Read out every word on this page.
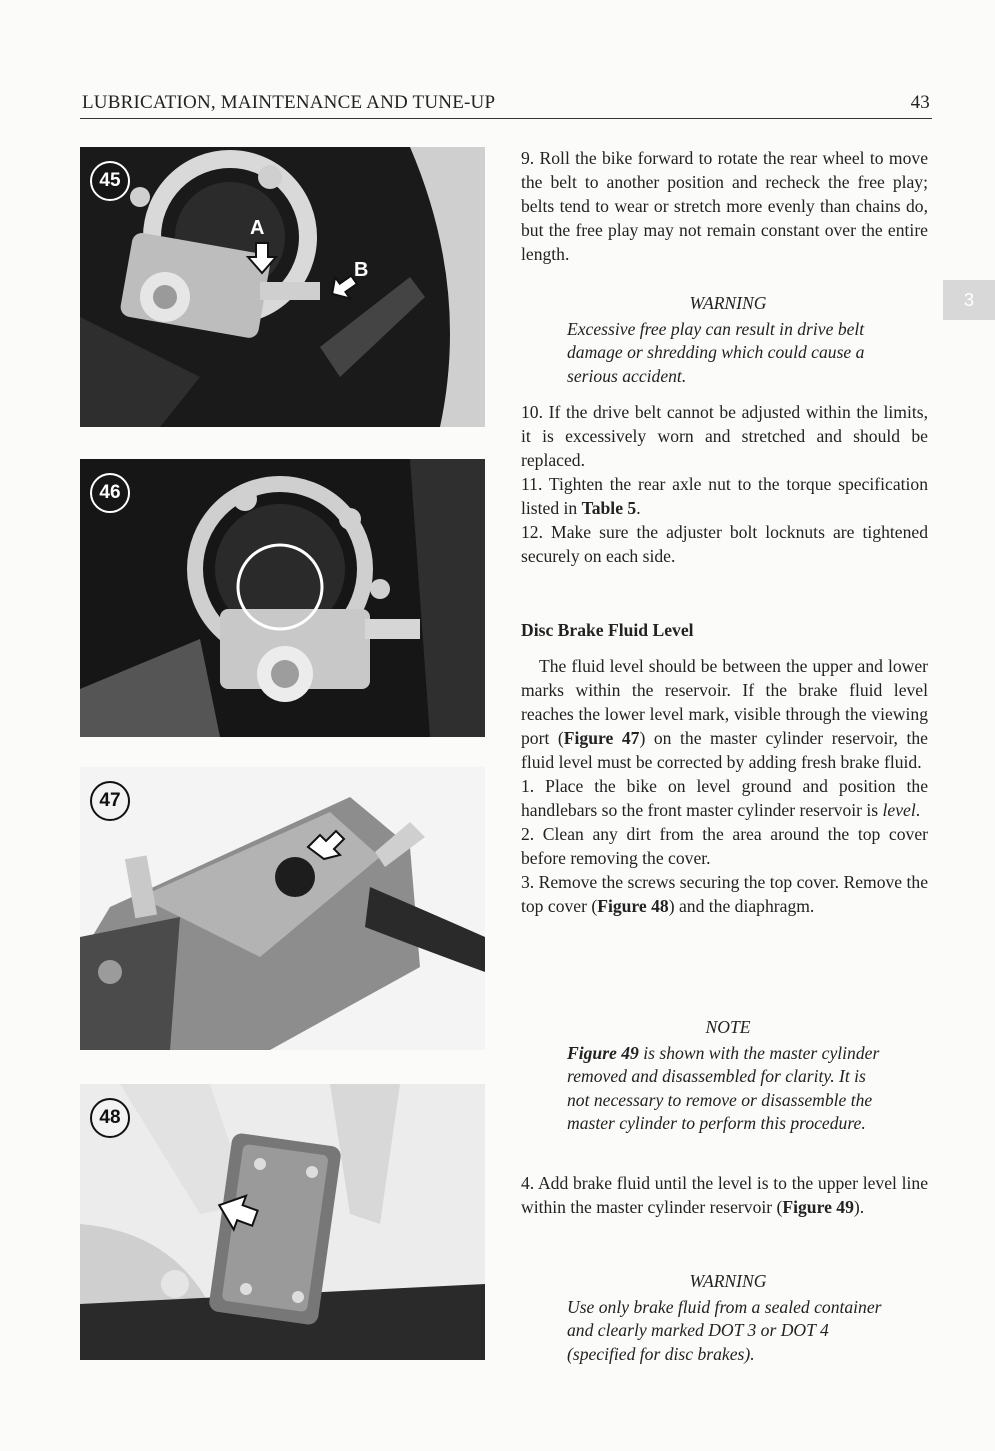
LUBRICATION, MAINTENANCE AND TUNE-UP	43
45
A
B
46
47
48
3

9. Roll the bike forward to rotate the rear wheel to move the belt to another position and recheck the free play; belts tend to wear or stretch more evenly than chains do, but the free play may not remain constant over the entire length.

WARNING
Excessive free play can result in drive belt damage or shredding which could cause a serious accident.

10. If the drive belt cannot be adjusted within the limits, it is excessively worn and stretched and should be replaced.

11. Tighten the rear axle nut to the torque specification listed in Table 5.

12. Make sure the adjuster bolt locknuts are tightened securely on each side.

Disc Brake Fluid Level

The fluid level should be between the upper and lower marks within the reservoir. If the brake fluid level reaches the lower level mark, visible through the viewing port (Figure 47) on the master cylinder reservoir, the fluid level must be corrected by adding fresh brake fluid.

1. Place the bike on level ground and position the handlebars so the front master cylinder reservoir is level.

2. Clean any dirt from the area around the top cover before removing the cover.

3. Remove the screws securing the top cover. Remove the top cover (Figure 48) and the diaphragm.

NOTE
Figure 49 is shown with the master cylinder removed and disassembled for clarity. It is not necessary to remove or disassemble the master cylinder to perform this procedure.

4. Add brake fluid until the level is to the upper level line within the master cylinder reservoir (Figure 49).

WARNING
Use only brake fluid from a sealed container and clearly marked DOT 3 or DOT 4 (specified for disc brakes).
